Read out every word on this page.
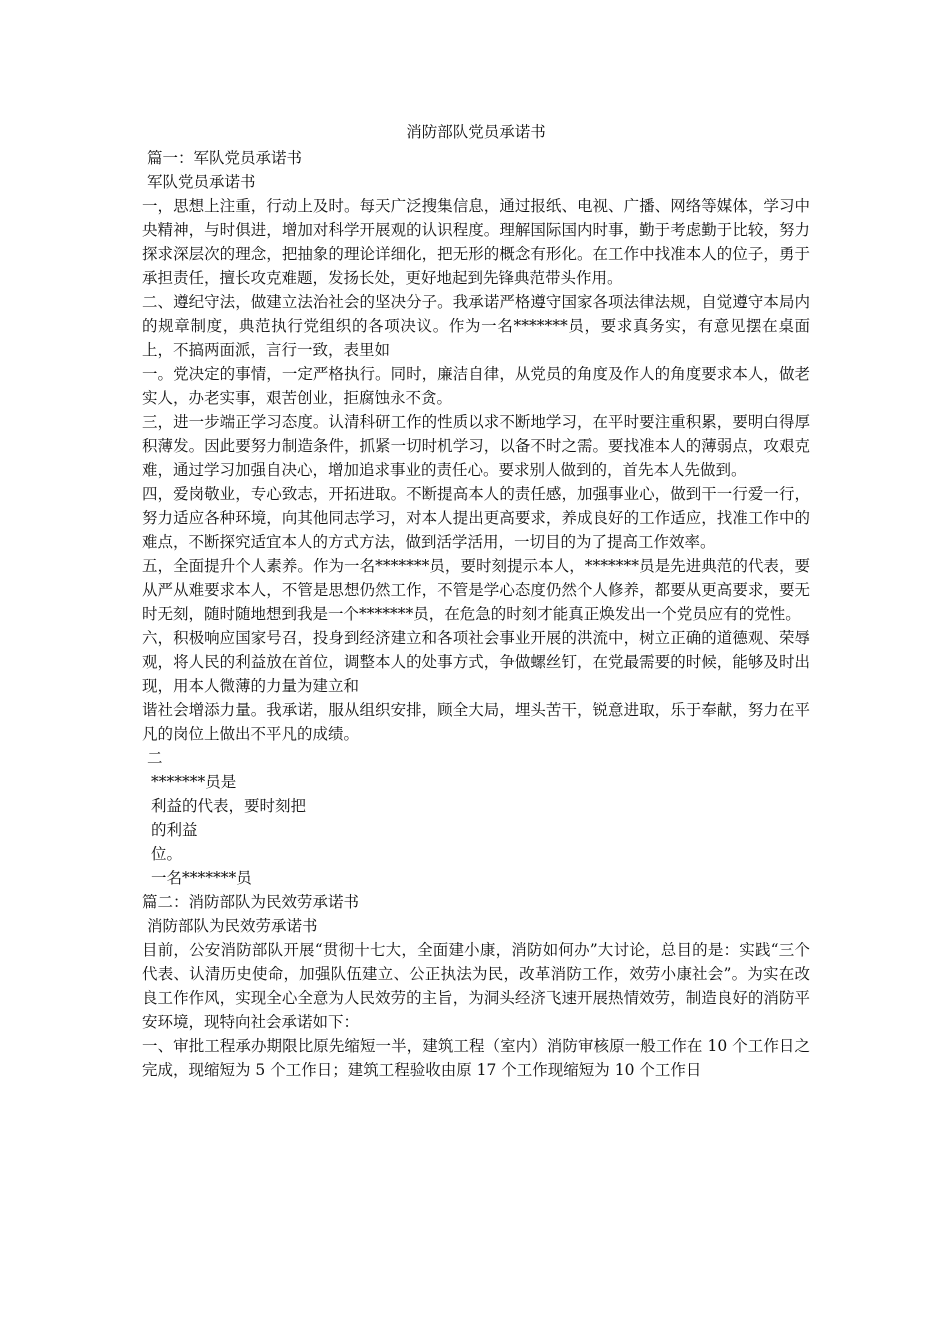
消防部队党员承诺书

篇一：军队党员承诺书

军队党员承诺书

一，思想上注重，行动上及时。每天广泛搜集信息，通过报纸、电视、广播、网络等媒体，学习中央精神，与时俱进，增加对科学开展观的认识程度。理解国际国内时事，勤于考虑勤于比较，努力探求深层次的理念，把抽象的理论详细化，把无形的概念有形化。在工作中找准本人的位子，勇于承担责任，擅长攻克难题，发扬长处，更好地起到先锋典范带头作用。

二、遵纪守法，做建立法治社会的坚决分子。我承诺严格遵守国家各项法律法规，自觉遵守本局内的规章制度，典范执行党组织的各项决议。作为一名*******员，要求真务实，有意见摆在桌面上，不搞两面派，言行一致，表里如

一。党决定的事情，一定严格执行。同时，廉洁自律，从党员的角度及作人的角度要求本人，做老实人，办老实事，艰苦创业，拒腐蚀永不贪。

三，进一步端正学习态度。认清科研工作的性质以求不断地学习，在平时要注重积累，要明白得厚积薄发。因此要努力制造条件，抓紧一切时机学习，以备不时之需。要找准本人的薄弱点，攻艰克难，通过学习加强自决心，增加追求事业的责任心。要求别人做到的，首先本人先做到。

四，爱岗敬业，专心致志，开拓进取。不断提高本人的责任感，加强事业心，做到干一行爱一行，努力适应各种环境，向其他同志学习，对本人提出更高要求，养成良好的工作适应，找准工作中的难点，不断探究适宜本人的方式方法，做到活学活用，一切目的为了提高工作效率。

五，全面提升个人素养。作为一名*******员，要时刻提示本人，*******员是先进典范的代表，要从严从难要求本人，不管是思想仍然工作，不管是学心态度仍然个人修养，都要从更高要求，要无时无刻，随时随地想到我是一个*******员，在危急的时刻才能真正焕发出一个党员应有的党性。

六，积极响应国家号召，投身到经济建立和各项社会事业开展的洪流中，树立正确的道德观、荣辱观，将人民的利益放在首位，调整本人的处事方式，争做螺丝钉，在党最需要的时候，能够及时出现，用本人微薄的力量为建立和

谐社会增添力量。我承诺，服从组织安排，顾全大局，埋头苦干，锐意进取，乐于奉献，努力在平凡的岗位上做出不平凡的成绩。

二

*******员是

利益的代表，要时刻把

的利益

位。

一名*******员

篇二：消防部队为民效劳承诺书

消防部队为民效劳承诺书

目前，公安消防部队开展“贯彻十七大，全面建小康，消防如何办”大讨论，总目的是：实践“三个代表、认清历史使命，加强队伍建立、公正执法为民，改革消防工作，效劳小康社会”。为实在改良工作作风，实现全心全意为人民效劳的主旨，为洞头经济飞速开展热情效劳，制造良好的消防平安环境，现特向社会承诺如下：

一、审批工程承办期限比原先缩短一半，建筑工程（室内）消防审核原一般工作在 10 个工作日之完成，现缩短为 5 个工作日；建筑工程验收由原 17 个工作现缩短为 10 个工作日
